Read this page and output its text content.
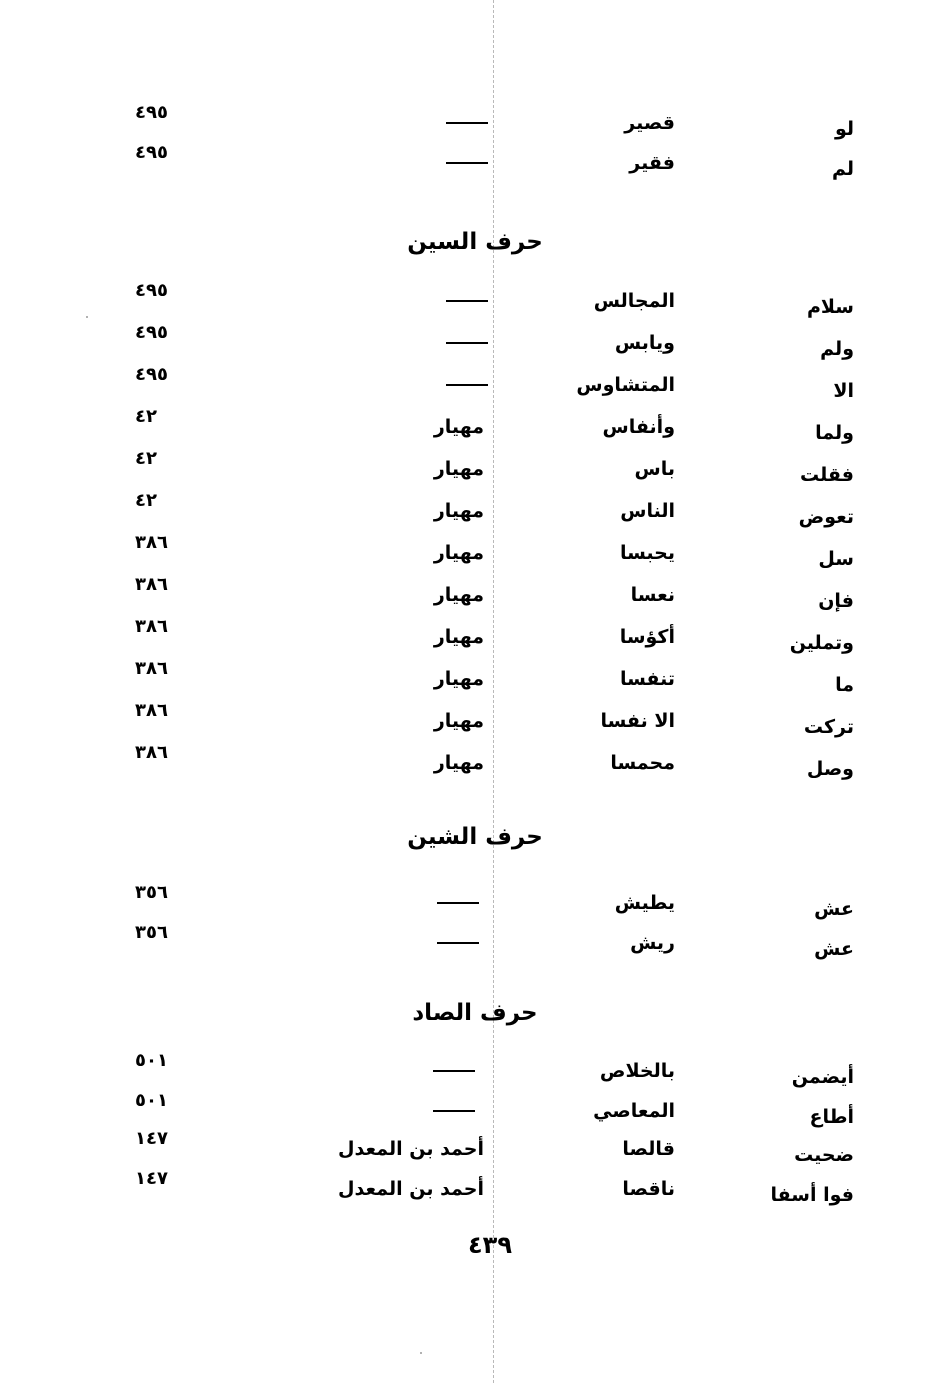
لو
قصير
٤٩٥
لم
فقير
٤٩٥
حرف السين
سلام
المجالس
٤٩٥
ولم
ويابس
٤٩٥
الا
المتشاوس
٤٩٥
ولما
وأنفاس
مهيار
٤٢
فقلت
باس
مهيار
٤٢
تعوض
الناس
مهيار
٤٢
سل
يحبسا
مهيار
٣٨٦
فإن
نعسا
مهيار
٣٨٦
وتملين
أكؤسا
مهيار
٣٨٦
ما
تنفسا
مهيار
٣٨٦
تركت
الا نفسا
مهيار
٣٨٦
وصل
محمسا
مهيار
٣٨٦
حرف الشين
عش
يطيش
٣٥٦
عش
ريش
٣٥٦
حرف الصاد
أيضمن
بالخلاص
٥٠١
أطاع
المعاصي
٥٠١
ضحيت
قالصا
أحمد بن المعدل
١٤٧
فوا أسفا
ناقصا
أحمد بن المعدل
١٤٧
٤٣٩
